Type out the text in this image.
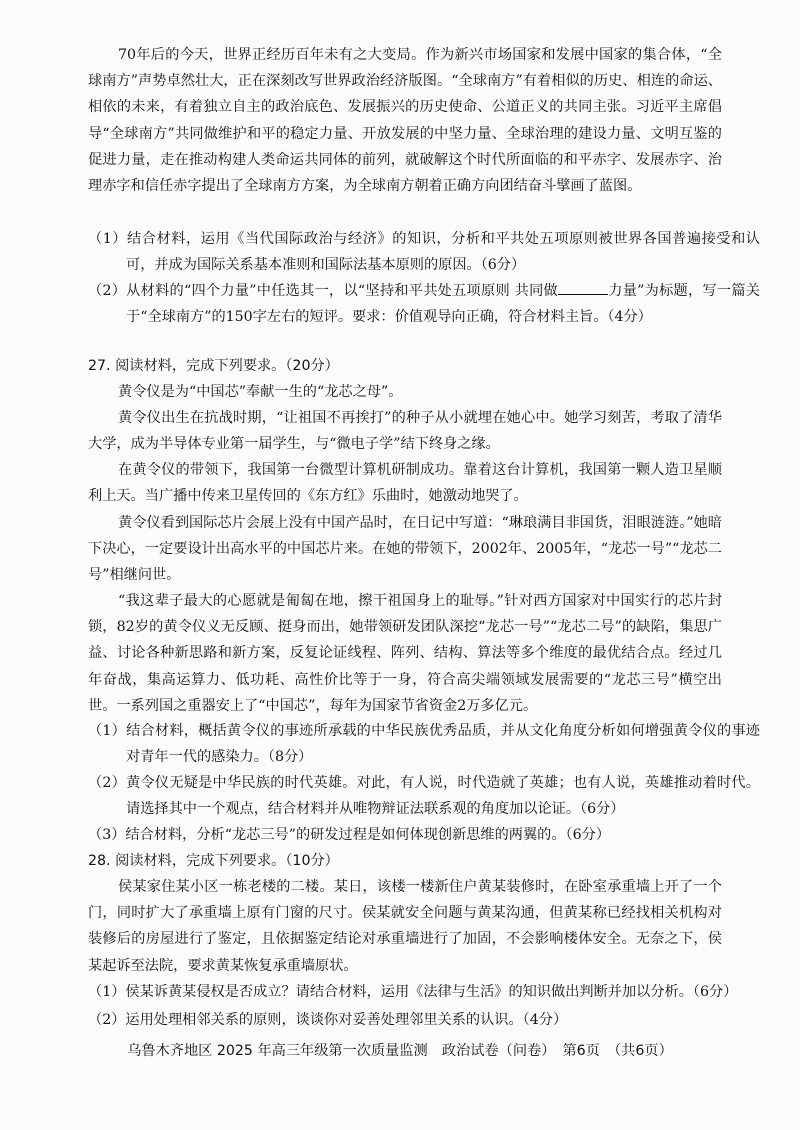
70年后的今天，世界正经历百年未有之大变局。作为新兴市场国家和发展中国家的集合体，“全球南方”声势卓然壮大，正在深刻改写世界政治经济版图。“全球南方”有着相似的历史、相连的命运、相依的未来，有着独立自主的政治底色、发展振兴的历史使命、公道正义的共同主张。习近平主席倡导“全球南方”共同做维护和平的稳定力量、开放发展的中坚力量、全球治理的建设力量、文明互鉴的促进力量，走在推动构建人类命运共同体的前列，就破解这个时代所面临的和平赤字、发展赤字、治理赤字和信任赤字提出了全球南方方案，为全球南方朝着正确方向团结奋斗擘画了蓝图。

（1）结合材料，运用《当代国际政治与经济》的知识，分析和平共处五项原则被世界各国普遍接受和认可，并成为国际关系基本准则和国际法基本原则的原因。（6分）

（2）从材料的“四个力量”中任选其一，以“坚持和平共处五项原则 共同做	力量”为标题，写一篇关于“全球南方”的150字左右的短评。要求：价值观导向正确，符合材料主旨。（4分）

27. 阅读材料，完成下列要求。（20分）

黄令仪是为“中国芯”奉献一生的“龙芯之母”。

黄令仪出生在抗战时期，“让祖国不再挨打”的种子从小就埋在她心中。她学习刻苦，考取了清华大学，成为半导体专业第一届学生，与“微电子学”结下终身之缘。

在黄令仪的带领下，我国第一台微型计算机研制成功。靠着这台计算机，我国第一颗人造卫星顺利上天。当广播中传来卫星传回的《东方红》乐曲时，她激动地哭了。

黄令仪看到国际芯片会展上没有中国产品时，在日记中写道：“琳琅满目非国货，泪眼涟涟。”她暗下决心，一定要设计出高水平的中国芯片来。在她的带领下，2002年、2005年，“龙芯一号”“龙芯二号”相继问世。

“我这辈子最大的心愿就是匍匐在地，擦干祖国身上的耻辱。”针对西方国家对中国实行的芯片封锁，82岁的黄令仪义无反顾、挺身而出，她带领研发团队深挖“龙芯一号”“龙芯二号”的缺陷，集思广益、讨论各种新思路和新方案，反复论证线程、阵列、结构、算法等多个维度的最优结合点。经过几年奋战，集高运算力、低功耗、高性价比等于一身，符合高尖端领域发展需要的“龙芯三号”横空出世。一系列国之重器安上了“中国芯”，每年为国家节省资金2万多亿元。

（1）结合材料，概括黄令仪的事迹所承载的中华民族优秀品质，并从文化角度分析如何增强黄令仪的事迹对青年一代的感染力。（8分）

（2）黄令仪无疑是中华民族的时代英雄。对此，有人说，时代造就了英雄；也有人说，英雄推动着时代。请选择其中一个观点，结合材料并从唯物辩证法联系观的角度加以论证。（6分）

（3）结合材料，分析“龙芯三号”的研发过程是如何体现创新思维的两翼的。（6分）

28. 阅读材料，完成下列要求。（10分）

侯某家住某小区一栋老楼的二楼。某日，该楼一楼新住户黄某装修时，在卧室承重墙上开了一个门，同时扩大了承重墙上原有门窗的尺寸。侯某就安全问题与黄某沟通，但黄某称已经找相关机构对装修后的房屋进行了鉴定，且依据鉴定结论对承重墙进行了加固，不会影响楼体安全。无奈之下，侯某起诉至法院，要求黄某恢复承重墙原状。

（1）侯某诉黄某侵权是否成立？请结合材料，运用《法律与生活》的知识做出判断并加以分析。（6分）

乌鲁木齐地区 2025 年高三年级第一次质量监测　政治试卷（问卷）　第6页　（共6页）

（2）运用处理相邻关系的原则，谈谈你对妥善处理邻里关系的认识。（4分）
